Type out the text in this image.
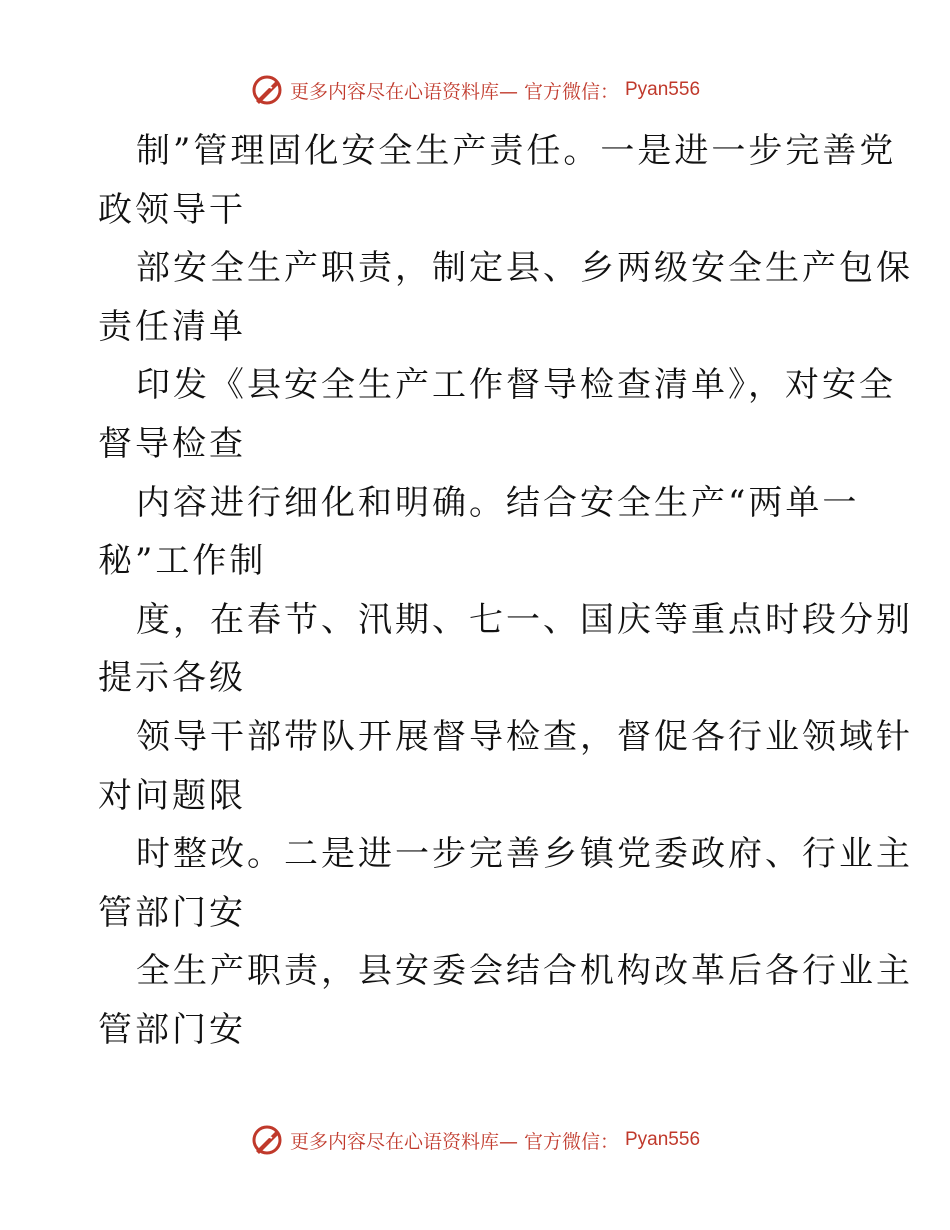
更多内容尽在心语资料库— 官方微信： Pyan556
制”管理固化安全生产责任。一是进一步完善党
政领导干
部安全生产职责，制定县、乡两级安全生产包保
责任清单
印发《县安全生产工作督导检查清单》，对安全
督导检查
内容进行细化和明确。结合安全生产“两单一
秘”工作制
度，在春节、汛期、七一、国庆等重点时段分别
提示各级
领导干部带队开展督导检查，督促各行业领域针
对问题限
时整改。二是进一步完善乡镇党委政府、行业主
管部门安
全生产职责，县安委会结合机构改革后各行业主
管部门安
更多内容尽在心语资料库— 官方微信： Pyan556
